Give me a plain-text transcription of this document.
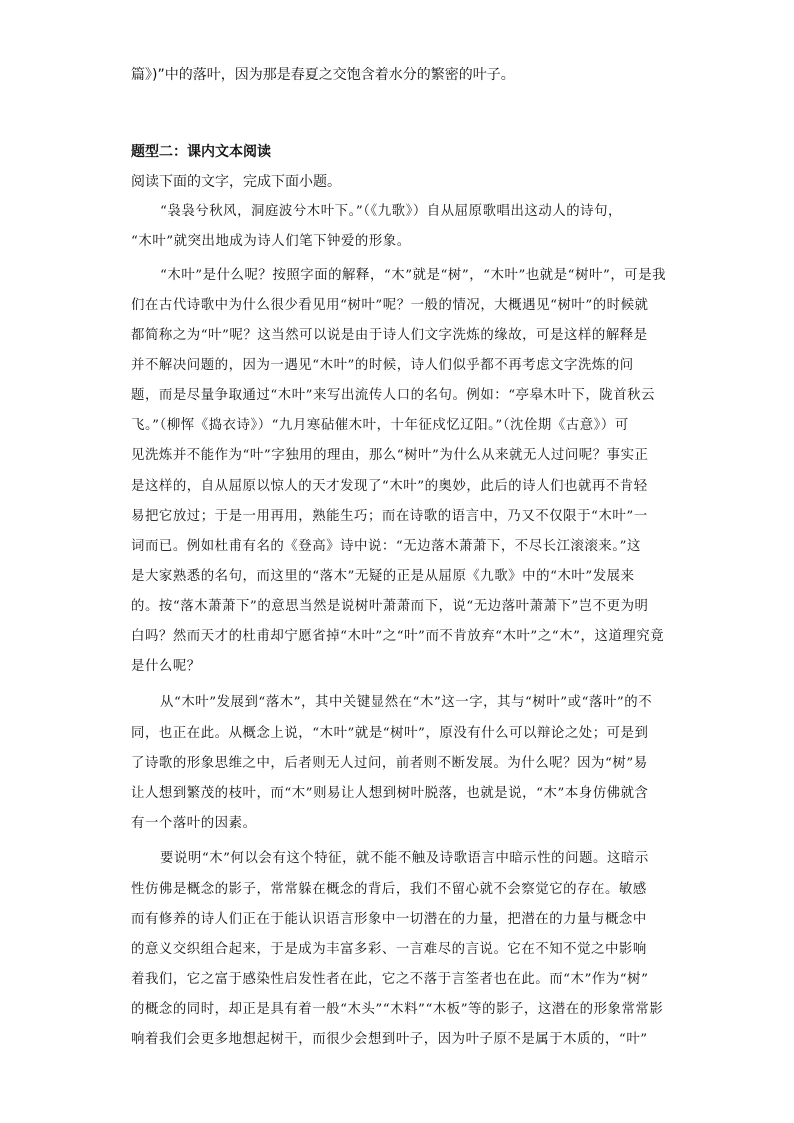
篇》)”中的落叶，因为那是春夏之交饱含着水分的繁密的叶子。
题型二：课内文本阅读
阅读下面的文字，完成下面小题。
“袅袅兮秋风，洞庭波兮木叶下。”（《九歌》）自从屈原歌唱出这动人的诗句，
“木叶”就突出地成为诗人们笔下钟爱的形象。
“木叶”是什么呢？按照字面的解释，“木”就是“树”，“木叶”也就是“树叶”，可是我
们在古代诗歌中为什么很少看见用“树叶”呢？一般的情况，大概遇见“树叶”的时候就
都简称之为“叶”呢？这当然可以说是由于诗人们文字洗炼的缘故，可是这样的解释是
并不解决问题的，因为一遇见“木叶”的时候，诗人们似乎都不再考虑文字洗炼的问
题，而是尽量争取通过“木叶”来写出流传人口的名句。例如：“亭皋木叶下，陇首秋云
飞。”（柳恽《捣衣诗》）“九月寒砧催木叶，十年征戍忆辽阳。”（沈佺期《古意》）可
见洗炼并不能作为“叶”字独用的理由，那么“树叶”为什么从来就无人过问呢？事实正
是这样的，自从屈原以惊人的天才发现了“木叶”的奥妙，此后的诗人们也就再不肯轻
易把它放过；于是一用再用，熟能生巧；而在诗歌的语言中，乃又不仅限于“木叶”一
词而已。例如杜甫有名的《登高》诗中说：“无边落木萧萧下，不尽长江滚滚来。”这
是大家熟悉的名句，而这里的“落木”无疑的正是从屈原《九歌》中的“木叶”发展来
的。按“落木萧萧下”的意思当然是说树叶萧萧而下，说“无边落叶萧萧下”岂不更为明
白吗？然而天才的杜甫却宁愿省掉“木叶”之“叶”而不肯放弃“木叶”之“木”，这道理究竟
是什么呢？
从“木叶”发展到“落木”，其中关键显然在“木”这一字，其与“树叶”或“落叶”的不
同，也正在此。从概念上说，“木叶”就是“树叶”，原没有什么可以辩论之处；可是到
了诗歌的形象思维之中，后者则无人过问，前者则不断发展。为什么呢？因为“树”易
让人想到繁茂的枝叶，而“木”则易让人想到树叶脱落，也就是说，“木”本身仿佛就含
有一个落叶的因素。
要说明“木”何以会有这个特征，就不能不触及诗歌语言中暗示性的问题。这暗示
性仿佛是概念的影子，常常躲在概念的背后，我们不留心就不会察觉它的存在。敏感
而有修养的诗人们正在于能认识语言形象中一切潜在的力量，把潜在的力量与概念中
的意义交织组合起来，于是成为丰富多彩、一言难尽的言说。它在不知不觉之中影响
着我们，它之富于感染性启发性者在此，它之不落于言筌者也在此。而“木”作为“树”
的概念的同时，却正是具有着一般“木头”“木料”“木板”等的影子，这潜在的形象常常影
响着我们会更多地想起树干，而很少会想到叶子，因为叶子原不是属于木质的，“叶”
